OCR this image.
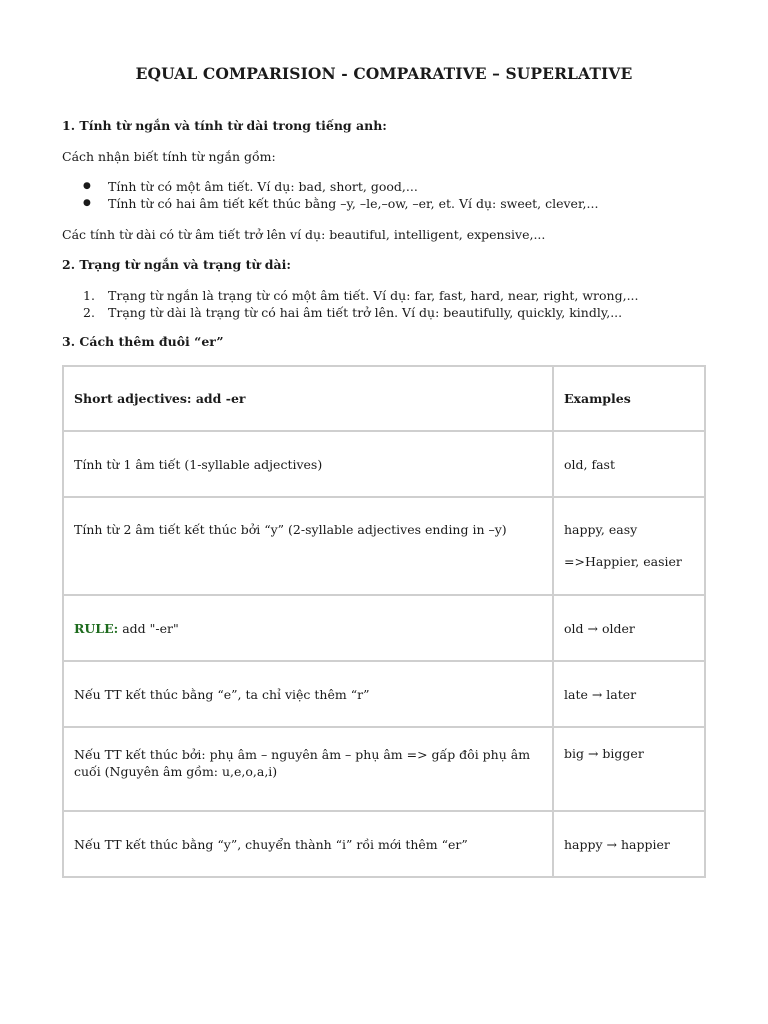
EQUAL COMPARISION - COMPARATIVE – SUPERLATIVE
1. Tính từ ngắn và tính từ dài trong tiếng anh:
Cách nhận biết tính từ ngắn gồm:
● Tính từ có một âm tiết. Ví dụ: bad, short, good,...
● Tính từ có hai âm tiết kết thúc bằng –y, –le,–ow, –er, et. Ví dụ: sweet, clever,...
Các tính từ dài có từ âm tiết trở lên ví dụ: beautiful, intelligent, expensive,...
2. Trạng từ ngắn và trạng từ dài:
1. Trạng từ ngắn là trạng từ có một âm tiết. Ví dụ: far, fast, hard, near, right, wrong,...
2. Trạng từ dài là trạng từ có hai âm tiết trở lên. Ví dụ: beautifully, quickly, kindly,...
3. Cách thêm đuôi “er”
Short adjectives: add -er	Examples
Tính từ 1 âm tiết (1-syllable adjectives)	old, fast
Tính từ 2 âm tiết kết thúc bởi “y” (2-syllable adjectives ending in –y)	happy, easy
=>Happier, easier

RULE: add "-er"	old → older
Nếu TT kết thúc bằng “e”, ta chỉ việc thêm “r”	late → later
Nếu TT kết thúc bởi: phụ âm – nguyên âm – phụ âm => gấp đôi phụ âm cuối (Nguyên âm gồm: u,e,o,a,i)	big → bigger
Nếu TT kết thúc bằng “y”, chuyển thành “i” rồi mới thêm “er”	happy → happier
